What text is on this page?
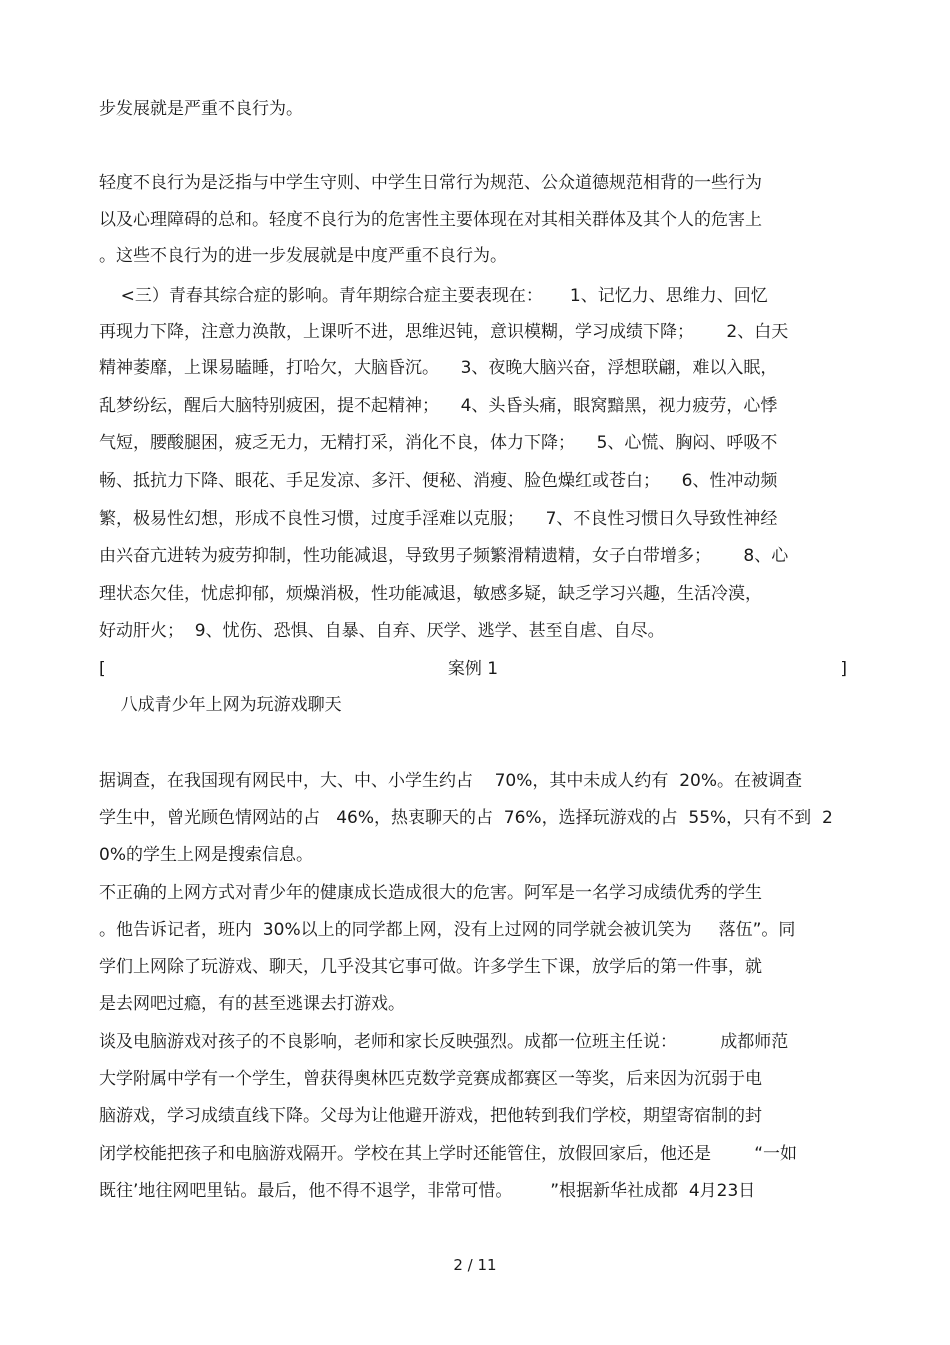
步发展就是严重不良行为。
轻度不良行为是泛指与中学生守则、中学生日常行为规范、公众道德规范相背的一些行为
以及心理障碍的总和。轻度不良行为的危害性主要体现在对其相关群体及其个人的危害上
。这些不良行为的进一步发展就是中度严重不良行为。
<三）青春其综合症的影响。青年期综合症主要表现在：     1、记忆力、思维力、回忆
再现力下降，注意力涣散，上课听不进，思维迟钝，意识模糊，学习成绩下降；      2、白天
精神萎靡，上课易瞌睡，打哈欠，大脑昏沉。    3、夜晚大脑兴奋，浮想联翩，难以入眠，
乱梦纷纭，醒后大脑特别疲困，提不起精神；    4、头昏头痛，眼窝黯黑，视力疲劳，心悸
气短，腰酸腿困，疲乏无力，无精打采，消化不良，体力下降；    5、心慌、胸闷、呼吸不
畅、抵抗力下降、眼花、手足发凉、多汗、便秘、消瘦、脸色燥红或苍白；    6、性冲动频
繁，极易性幻想，形成不良性习惯，过度手淫难以克服；    7、不良性习惯日久导致性神经
由兴奋亢进转为疲劳抑制，性功能减退，导致男子频繁滑精遗精，女子白带增多；      8、心
理状态欠佳，忧虑抑郁，烦燥消极，性功能减退，敏感多疑，缺乏学习兴趣，生活冷漠，
好动肝火；  9、忧伤、恐惧、自暴、自弃、厌学、逃学、甚至自虐、自尽。
[	案例 1	]
八成青少年上网为玩游戏聊天
据调查，在我国现有网民中，大、中、小学生约占    70%，其中未成人约有  20%。在被调查
学生中，曾光顾色情网站的占   46%，热衷聊天的占  76%，选择玩游戏的占  55%，只有不到  2
0%的学生上网是搜索信息。
不正确的上网方式对青少年的健康成长造成很大的危害。阿军是一名学习成绩优秀的学生
。他告诉记者，班内  30%以上的同学都上网，没有上过网的同学就会被讥笑为     落伍”。同
学们上网除了玩游戏、聊天，几乎没其它事可做。许多学生下课，放学后的第一件事，就
是去网吧过瘾，有的甚至逃课去打游戏。
谈及电脑游戏对孩子的不良影响，老师和家长反映强烈。成都一位班主任说：        成都师范
大学附属中学有一个学生，曾获得奥林匹克数学竞赛成都赛区一等奖，后来因为沉弱于电
脑游戏，学习成绩直线下降。父母为让他避开游戏，把他转到我们学校，期望寄宿制的封
闭学校能把孩子和电脑游戏隔开。学校在其上学时还能管住，放假回家后，他还是        “一如
既往’地往网吧里钻。最后，他不得不退学，非常可惜。       ”根据新华社成都  4月23日
2 / 11
